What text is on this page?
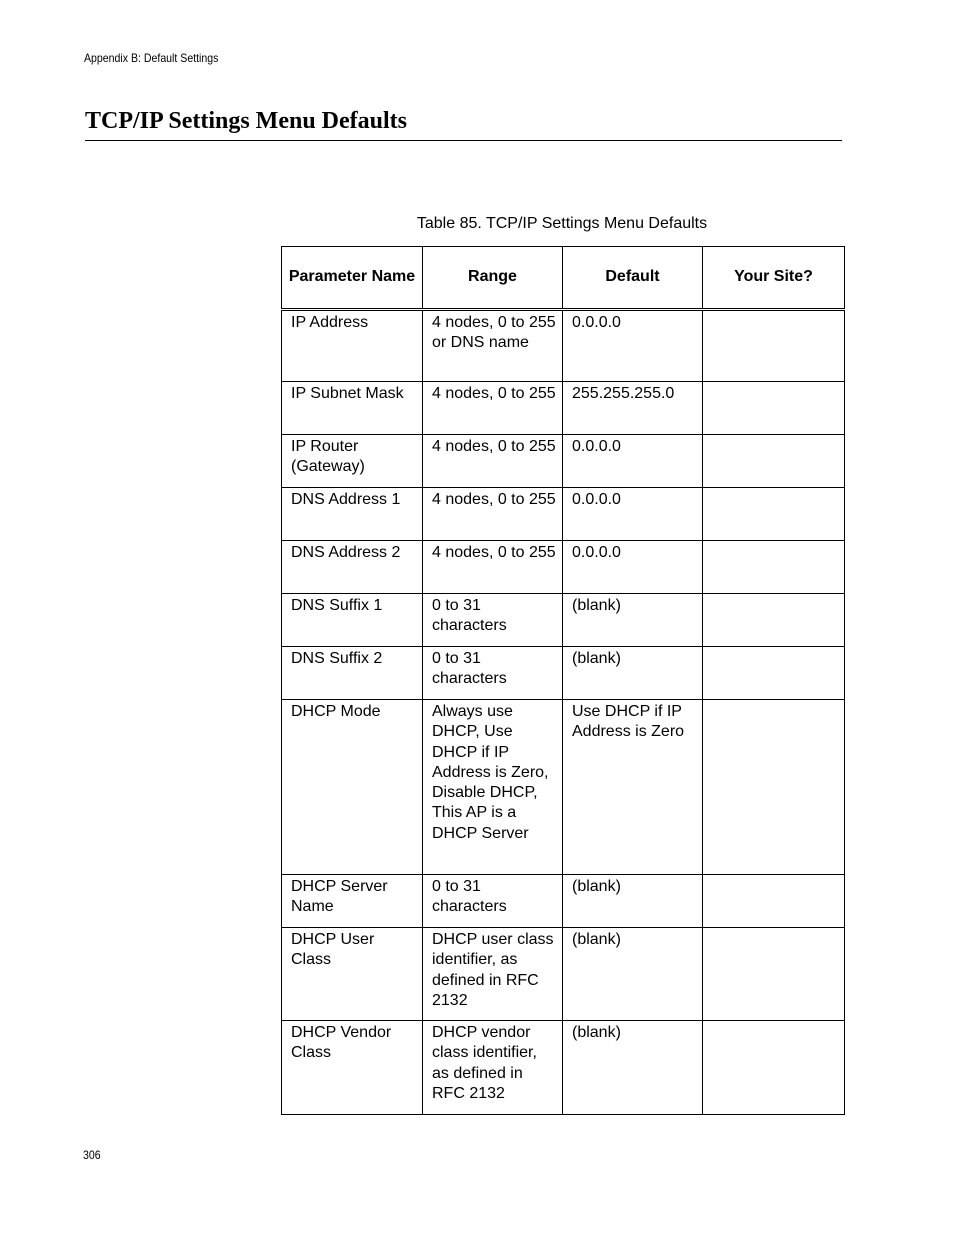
Appendix B: Default Settings
TCP/IP Settings Menu Defaults
Table 85. TCP/IP Settings Menu Defaults
Parameter Name	Range	Default	Your Site?

IP Address	4 nodes, 0 to 255 or DNS name	0.0.0.0	

IP Subnet Mask	4 nodes, 0 to 255	255.255.255.0	

IP Router (Gateway)	4 nodes, 0 to 255	0.0.0.0	

DNS Address 1	4 nodes, 0 to 255	0.0.0.0	

DNS Address 2	4 nodes, 0 to 255	0.0.0.0	

DNS Suffix 1	0 to 31 characters	(blank)	

DNS Suffix 2	0 to 31 characters	(blank)	

DHCP Mode	Always use DHCP, Use DHCP if IP Address is Zero, Disable DHCP, This AP is a DHCP Server	Use DHCP if IP Address is Zero	

DHCP Server Name	0 to 31 characters	(blank)	

DHCP User Class	DHCP user class identifier, as defined in RFC 2132	(blank)	

DHCP Vendor Class	DHCP vendor class identifier, as defined in RFC 2132	(blank)	

306
